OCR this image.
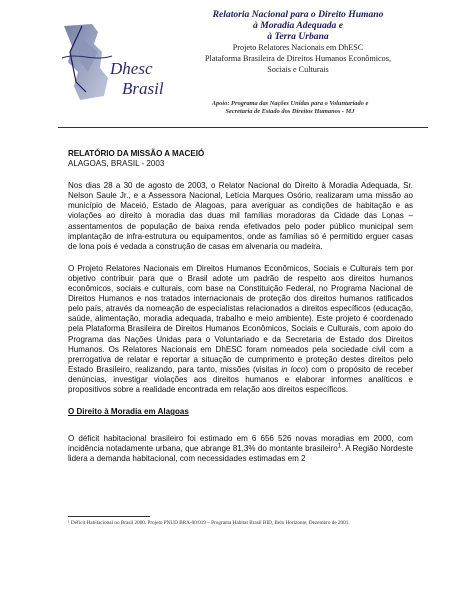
Dhesc
Brasil
Relatoria Nacional para o Direito Humano
à Moradia Adequada e
à Terra Urbana
Projeto Relatores Nacionais em DhESC
Plataforma Brasileira de Direitos Humanos Econômicos,
Sociais e Culturais
Apoio: Programa das Nações Unidas para o Voluntariado e
Secretaria de Estado dos Direitos Humanos - MJ
RELATÓRIO DA MISSÃO A MACEIÓ
ALAGOAS, BRASIL - 2003

Nos dias 28 a 30 de agosto de 2003, o Relator Nacional do Direito à Moradia Adequada, Sr. Nelson Saule Jr., e a Assessora Nacional, Letícia Marques Osório, realizaram uma missão ao município de Maceió, Estado de Alagoas, para averiguar as condições de habitação e as violações ao direito à moradia das duas mil famílias moradoras da Cidade das Lonas – assentamentos de população de baixa renda efetivados pelo poder público municipal sem implantação de infra-estrutura ou equipamentos, onde as famílias só é permitido erguer casas de lona pois é vedada a construção de casas em alvenaria ou madeira.

O Projeto Relatores Nacionais em Direitos Humanos Econômicos, Sociais e Culturais tem por objetivo contribuir para que o Brasil adote um padrão de respeito aos direitos humanos econômicos, sociais e culturais, com base na Constituição Federal, no Programa Nacional de Direitos Humanos e nos tratados internacionais de proteção dos direitos humanos ratificados pelo país, através da nomeação de especialistas relacionados a direitos específicos (educação, saúde, alimentação, moradia adequada, trabalho e meio ambiente). Este projeto é coordenado pela Plataforma Brasileira de Direitos Humanos Econômicos, Sociais e Culturais, com apoio do Programa das Nações Unidas para o Voluntariado e da Secretaria de Estado dos Direitos Humanos. Os Relatores Nacionais em DhESC foram nomeados pela sociedade civil com a prerrogativa de relatar e reportar a situação de cumprimento e proteção destes direitos pelo Estado Brasileiro, realizando, para tanto, missões (visitas in loco) com o propósito de receber denúncias, investigar violações aos direitos humanos e elaborar informes analíticos e propositivos sobre a realidade encontrada em relação aos direitos específicos.

O Direito à Moradia em Alagoas

O déficit habitacional brasileiro foi estimado em 6 656 526 novas moradias em 2000, com incidência notadamente urbana, que abrange 81,3% do montante brasileiro$^1$. A Região Nordeste lidera a demanda habitacional, com necessidades estimadas em 2

¹ Déficit Habitacional no Brasil 2000. Projeto PNUD BRA-00/019 – Programa Habitat Brasil BID, Belo Horizonte, Dezembro de 2001.
